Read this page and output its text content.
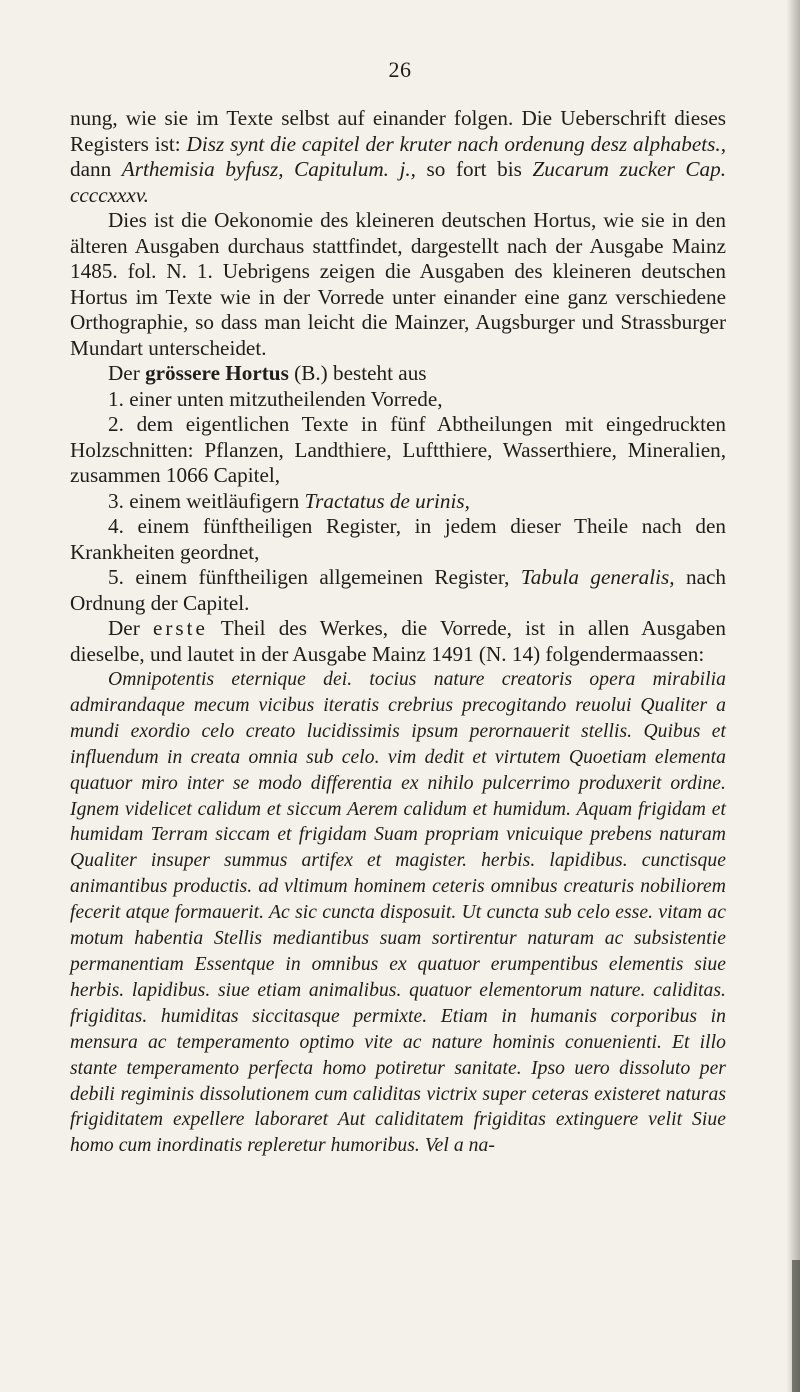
26

nung, wie sie im Texte selbst auf einander folgen. Die Ueberschrift dieses Registers ist: Disz synt die capitel der kruter nach ordenung desz alphabets., dann Arthemisia byfusz, Capitulum. j., so fort bis Zucarum zucker Cap. ccccxxxv.

Dies ist die Oekonomie des kleineren deutschen Hortus, wie sie in den älteren Ausgaben durchaus stattfindet, dargestellt nach der Ausgabe Mainz 1485. fol. N. 1. Uebrigens zeigen die Ausgaben des kleineren deutschen Hortus im Texte wie in der Vorrede unter einander eine ganz verschiedene Orthographie, so dass man leicht die Mainzer, Augsburger und Strassburger Mundart unterscheidet.

Der grössere Hortus (B.) besteht aus

1. einer unten mitzutheilenden Vorrede,

2. dem eigentlichen Texte in fünf Abtheilungen mit eingedruckten Holzschnitten: Pflanzen, Landthiere, Luftthiere, Wasserthiere, Mineralien, zusammen 1066 Capitel,

3. einem weitläufigern Tractatus de urinis,

4. einem fünftheiligen Register, in jedem dieser Theile nach den Krankheiten geordnet,

5. einem fünftheiligen allgemeinen Register, Tabula generalis, nach Ordnung der Capitel.

Der erste Theil des Werkes, die Vorrede, ist in allen Ausgaben dieselbe, und lautet in der Ausgabe Mainz 1491 (N. 14) folgendermaassen:

Omnipotentis eternique dei. tocius nature creatoris opera mirabilia admirandaque mecum vicibus iteratis crebrius precogitando reuolui Qualiter a mundi exordio celo creato lucidissimis ipsum perornauerit stellis. Quibus et influendum in creata omnia sub celo. vim dedit et virtutem Quoetiam elementa quatuor miro inter se modo differentia ex nihilo pulcerrimo produxerit ordine. Ignem videlicet calidum et siccum Aerem calidum et humidum. Aquam frigidam et humidam Terram siccam et frigidam Suam propriam vnicuique prebens naturam Qualiter insuper summus artifex et magister. herbis. lapidibus. cunctisque animantibus productis. ad vltimum hominem ceteris omnibus creaturis nobiliorem fecerit atque formauerit. Ac sic cuncta disposuit. Ut cuncta sub celo esse. vitam ac motum habentia Stellis mediantibus suam sortirentur naturam ac subsistentie permanentiam Essentque in omnibus ex quatuor erumpentibus elementis siue herbis. lapidibus. siue etiam animalibus. quatuor elementorum nature. caliditas. frigiditas. humiditas siccitasque permixte. Etiam in humanis corporibus in mensura ac temperamento optimo vite ac nature hominis conuenienti. Et illo stante temperamento perfecta homo potiretur sanitate. Ipso uero dissoluto per debili regiminis dissolutionem cum caliditas victrix super ceteras existeret naturas frigiditatem expellere laboraret Aut caliditatem frigiditas extinguere velit Siue homo cum inordinatis repleretur humoribus. Vel a na-
